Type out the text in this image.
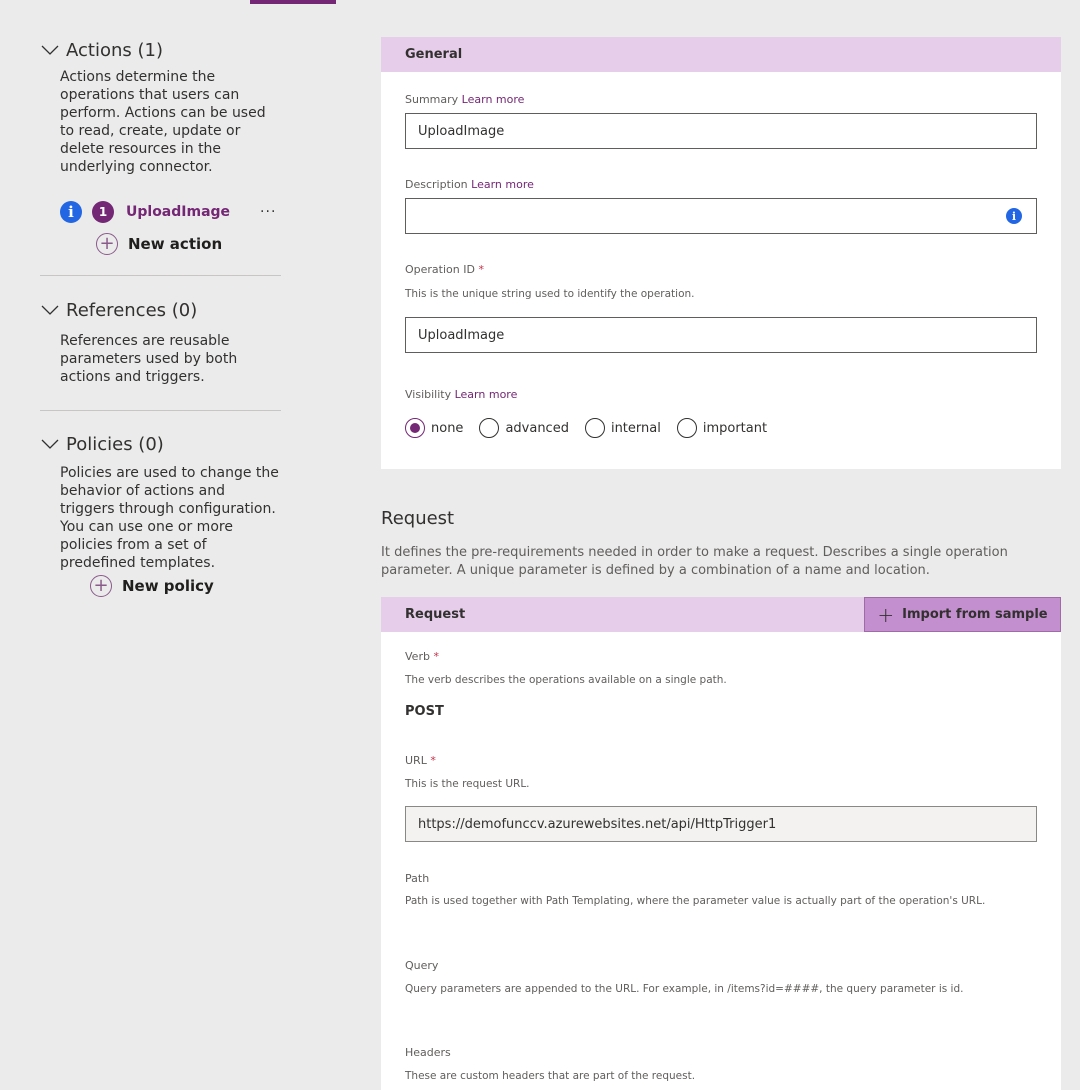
Actions (1)
Actions determine the operations that users can perform. Actions can be used to read, create, update or delete resources in the underlying connector.
i	1	UploadImage ···
+ New action
References (0)
References are reusable parameters used by both actions and triggers.
Policies (0)
Policies are used to change the behavior of actions and triggers through configuration. You can use one or more policies from a set of predefined templates.
+ New policy
General
Summary Learn more
UploadImage
Description Learn more
i
Operation ID *
This is the unique string used to identify the operation.
UploadImage
Visibility Learn more
none	advanced	internal	important
Request
It defines the pre-requirements needed in order to make a request. Describes a single operation parameter. A unique parameter is defined by a combination of a name and location.
Request	+ Import from sample
Verb *
The verb describes the operations available on a single path.
POST
URL *
This is the request URL.
https://demofunccv.azurewebsites.net/api/HttpTrigger1
Path
Path is used together with Path Templating, where the parameter value is actually part of the operation's URL.
Query
Query parameters are appended to the URL. For example, in /items?id=####, the query parameter is id.
Headers
These are custom headers that are part of the request.
